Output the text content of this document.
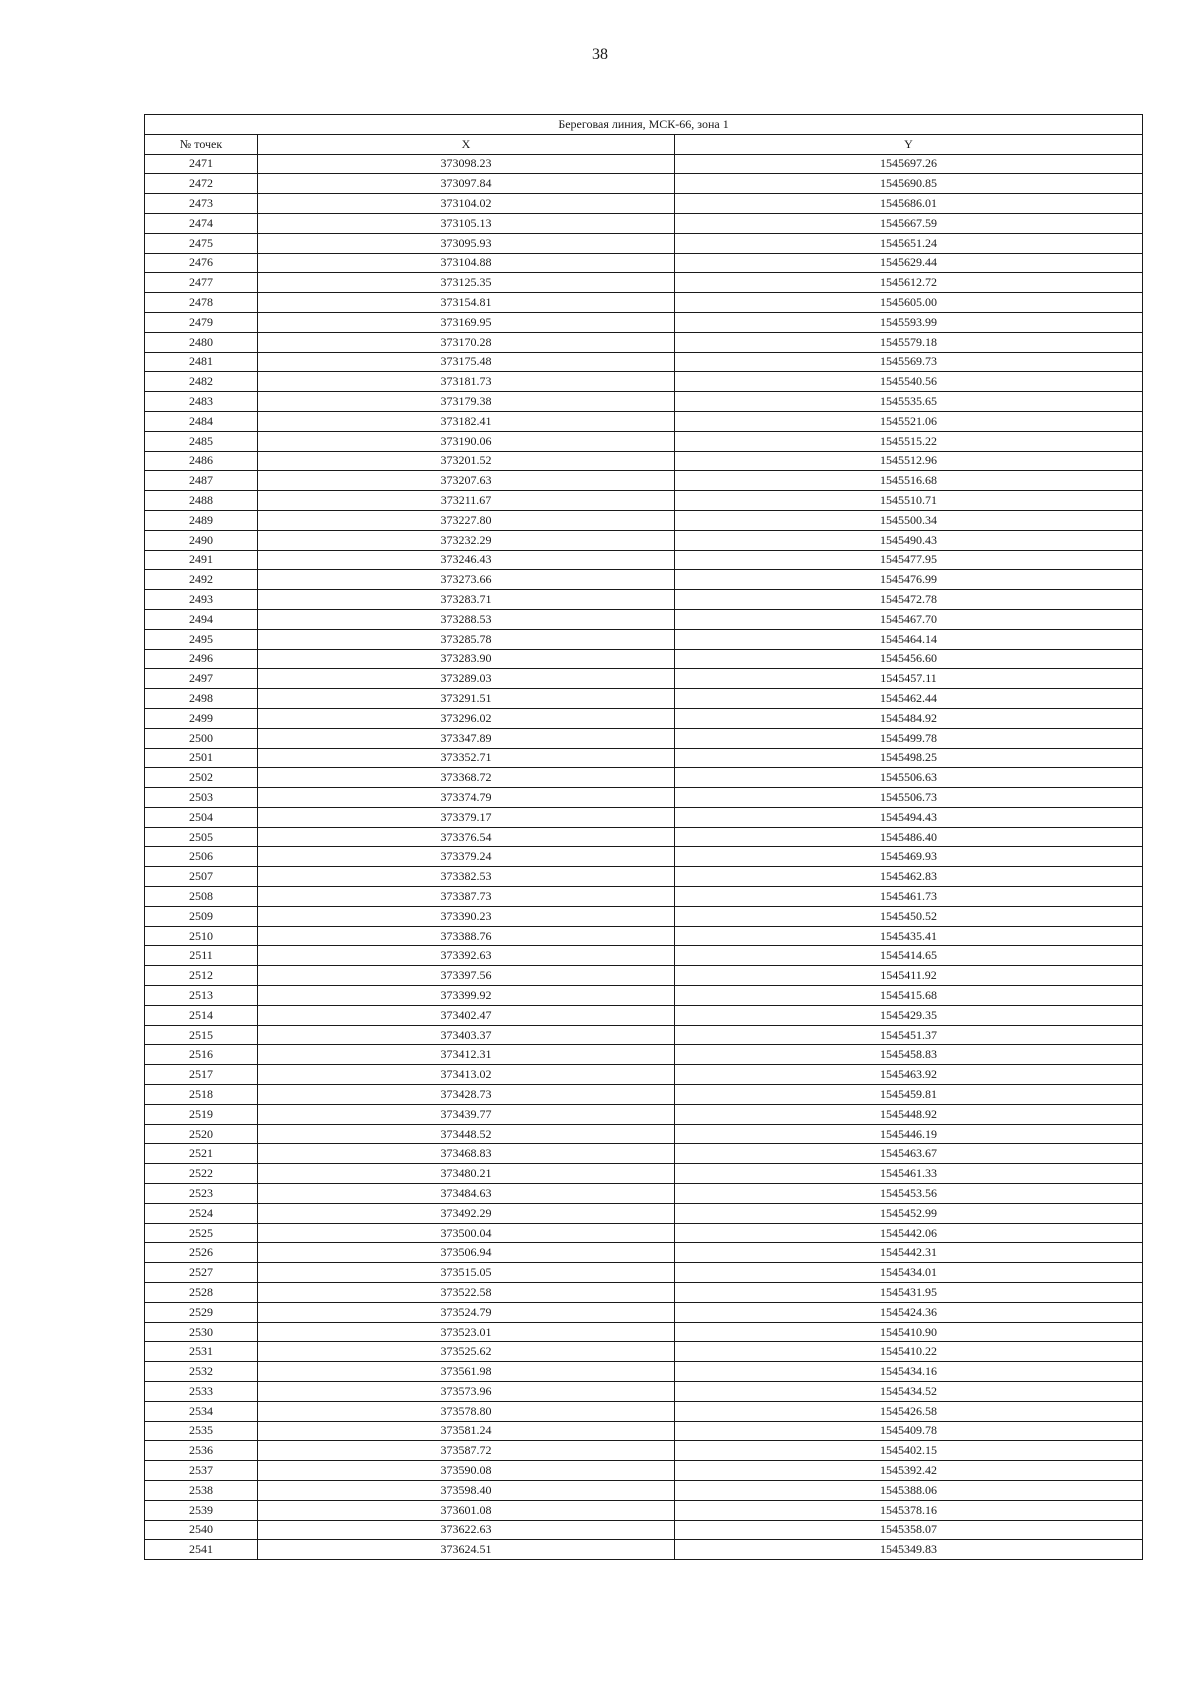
38
Береговая линия, МСК-66, зона 1		
№ точек	X	Y
2471	373098.23	1545697.26
2472	373097.84	1545690.85
2473	373104.02	1545686.01
2474	373105.13	1545667.59
2475	373095.93	1545651.24
2476	373104.88	1545629.44
2477	373125.35	1545612.72
2478	373154.81	1545605.00
2479	373169.95	1545593.99
2480	373170.28	1545579.18
2481	373175.48	1545569.73
2482	373181.73	1545540.56
2483	373179.38	1545535.65
2484	373182.41	1545521.06
2485	373190.06	1545515.22
2486	373201.52	1545512.96
2487	373207.63	1545516.68
2488	373211.67	1545510.71
2489	373227.80	1545500.34
2490	373232.29	1545490.43
2491	373246.43	1545477.95
2492	373273.66	1545476.99
2493	373283.71	1545472.78
2494	373288.53	1545467.70
2495	373285.78	1545464.14
2496	373283.90	1545456.60
2497	373289.03	1545457.11
2498	373291.51	1545462.44
2499	373296.02	1545484.92
2500	373347.89	1545499.78
2501	373352.71	1545498.25
2502	373368.72	1545506.63
2503	373374.79	1545506.73
2504	373379.17	1545494.43
2505	373376.54	1545486.40
2506	373379.24	1545469.93
2507	373382.53	1545462.83
2508	373387.73	1545461.73
2509	373390.23	1545450.52
2510	373388.76	1545435.41
2511	373392.63	1545414.65
2512	373397.56	1545411.92
2513	373399.92	1545415.68
2514	373402.47	1545429.35
2515	373403.37	1545451.37
2516	373412.31	1545458.83
2517	373413.02	1545463.92
2518	373428.73	1545459.81
2519	373439.77	1545448.92
2520	373448.52	1545446.19
2521	373468.83	1545463.67
2522	373480.21	1545461.33
2523	373484.63	1545453.56
2524	373492.29	1545452.99
2525	373500.04	1545442.06
2526	373506.94	1545442.31
2527	373515.05	1545434.01
2528	373522.58	1545431.95
2529	373524.79	1545424.36
2530	373523.01	1545410.90
2531	373525.62	1545410.22
2532	373561.98	1545434.16
2533	373573.96	1545434.52
2534	373578.80	1545426.58
2535	373581.24	1545409.78
2536	373587.72	1545402.15
2537	373590.08	1545392.42
2538	373598.40	1545388.06
2539	373601.08	1545378.16
2540	373622.63	1545358.07
2541	373624.51	1545349.83
